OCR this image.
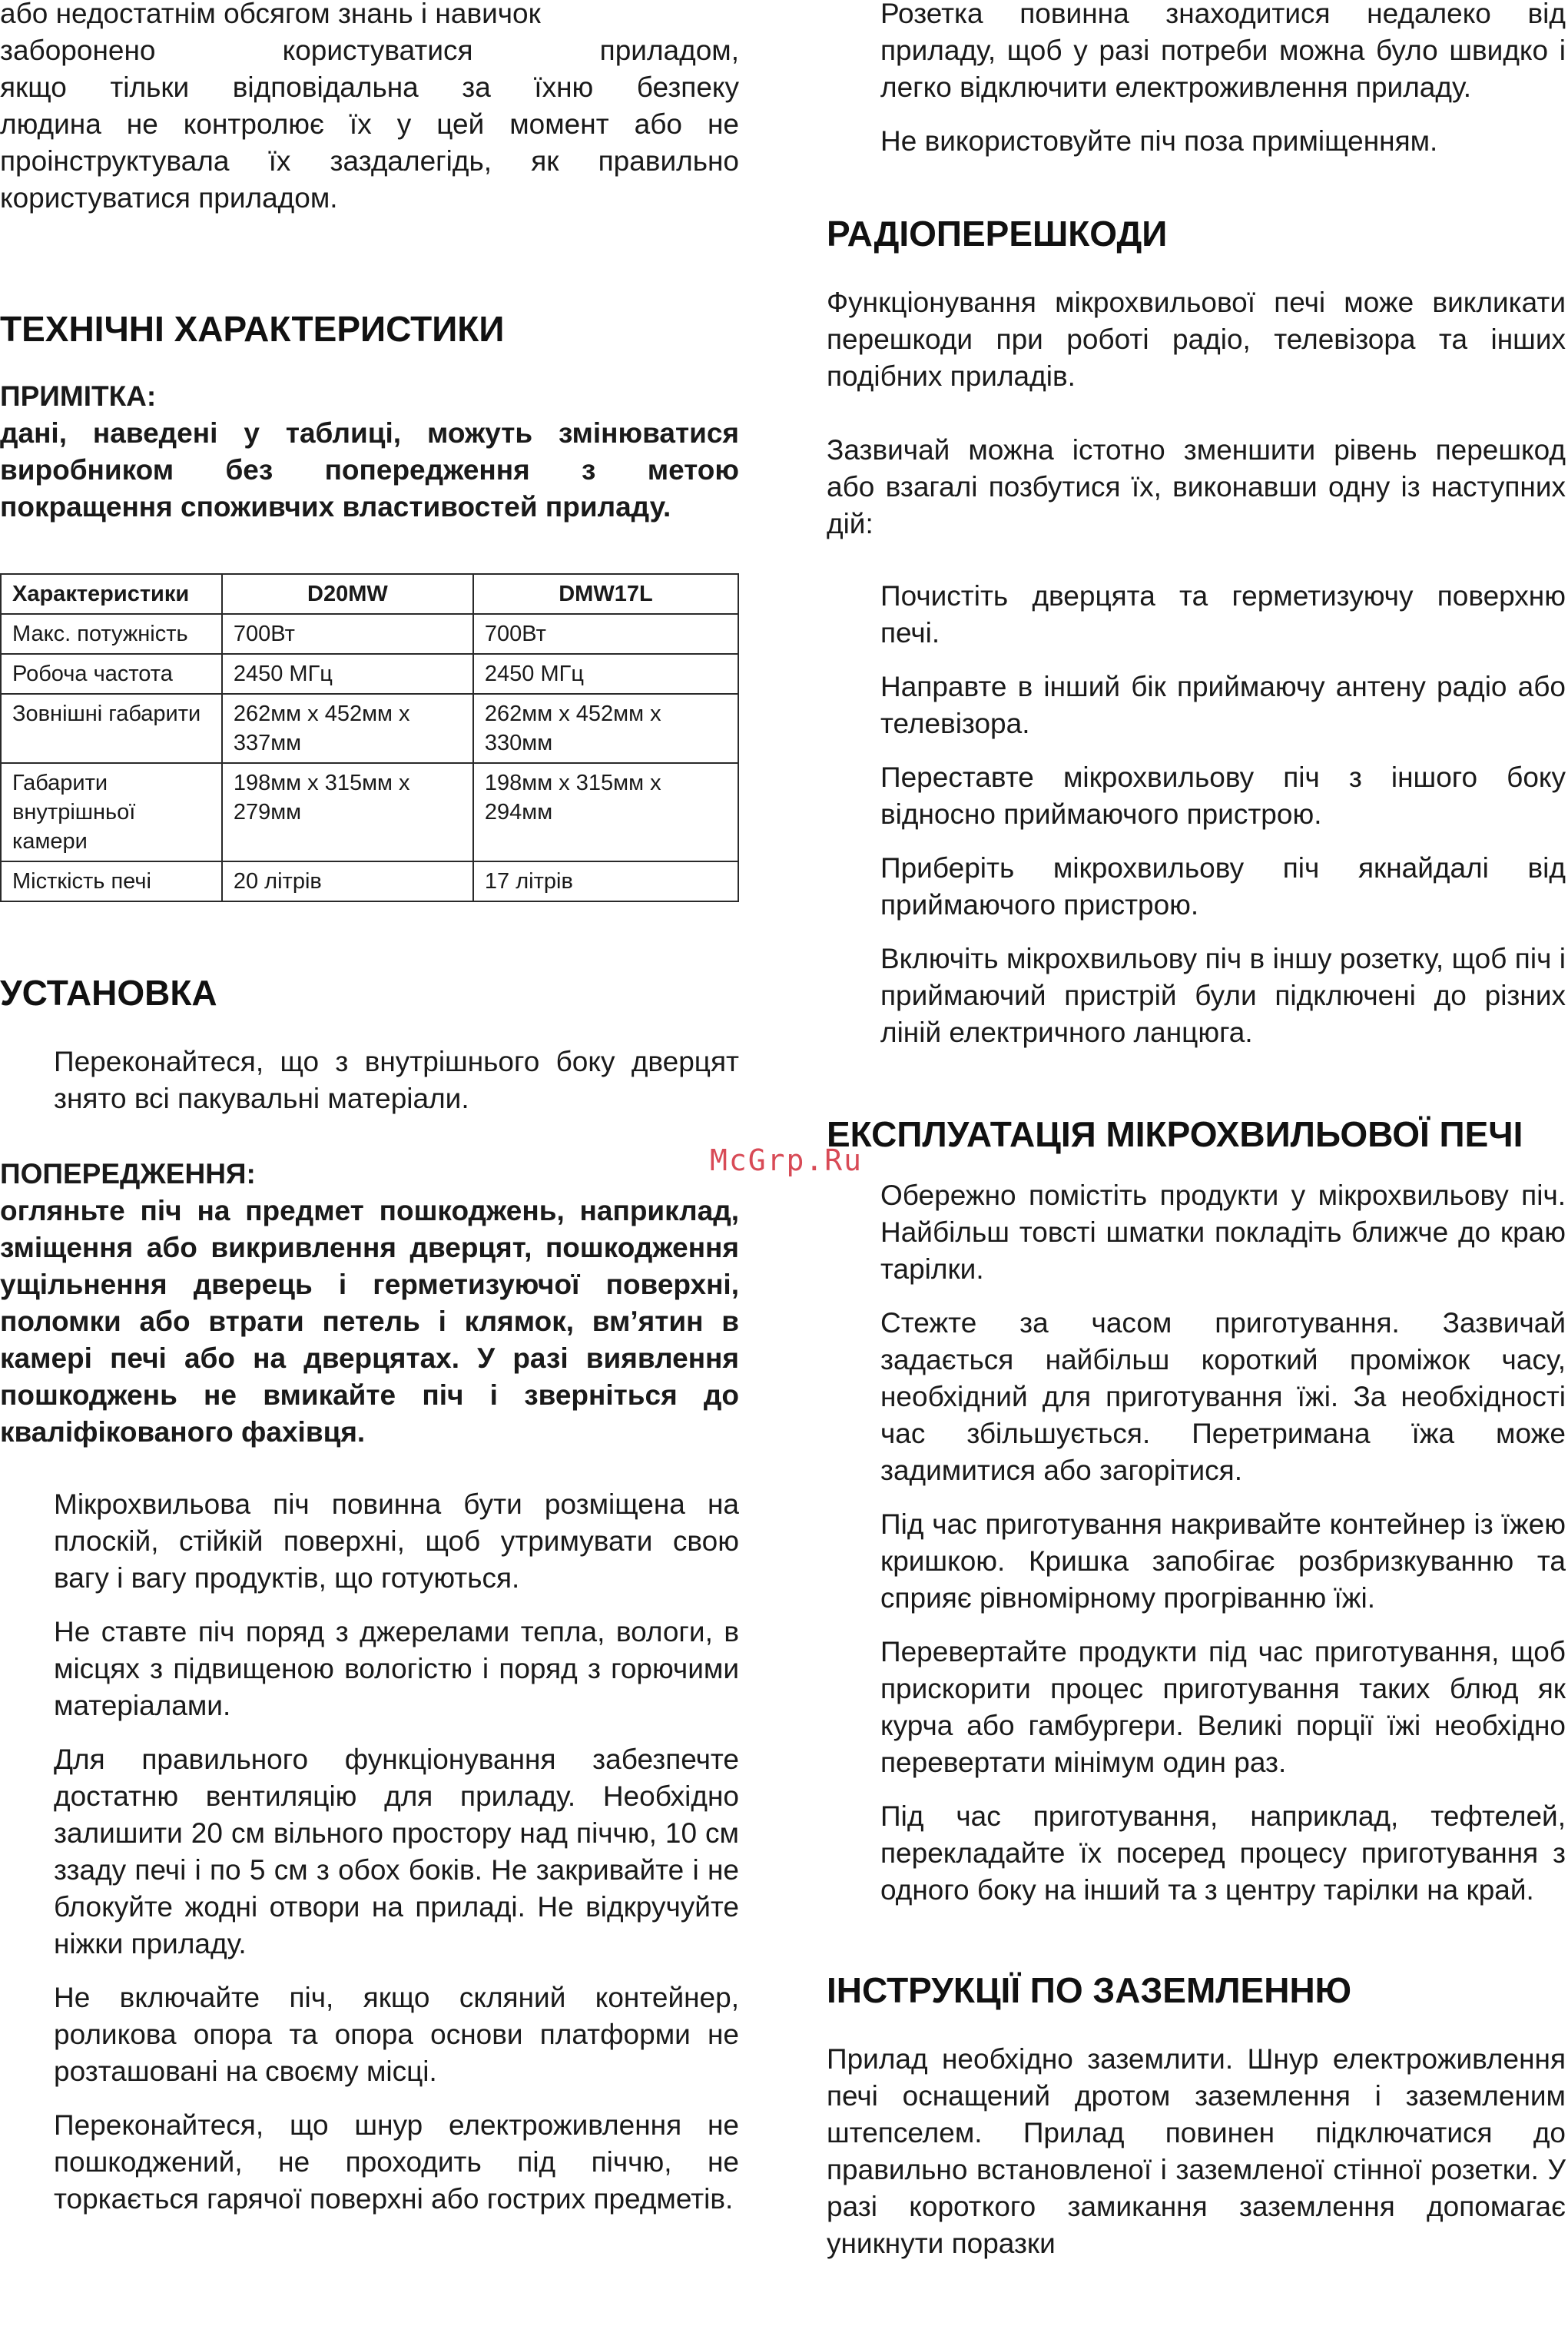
або недостатнім обсягом знань і навичок

заборонено користуватися приладом,

якщо тільки відповідальна за їхню безпеку

людина не контролює їх у цей момент або не

проінструктувала їх заздалегідь, як правильно

користуватися приладом.

ТЕХНІЧНІ ХАРАКТЕРИСТИКИ

ПРИМІТКА:

дані, наведені у таблиці, можуть змінюватися виробником без попередження з метою покращення споживчих властивостей приладу.

Характеристики	D20MW	DMW17L
Макс. потужність	700Вт	700Вт
Робоча частота	2450 МГц	2450 МГц
Зовнішні габарити	262мм х 452мм х 337мм	262мм х 452мм х 330мм
Габарити внутрішньої камери	198мм х 315мм х 279мм	198мм х 315мм х 294мм
Місткість печі	20 літрів	17 літрів
УСТАНОВКА

Переконайтеся, що з внутрішнього боку дверцят знято всі пакувальні матеріали.

ПОПЕРЕДЖЕННЯ:

огляньте піч на предмет пошкоджень, наприклад, зміщення або викривлення дверцят, пошкодження ущільнення дверець і герметизуючої поверхні, поломки або втрати петель і клямок, вм’ятин в камері печі або на дверцятах. У разі виявлення пошкоджень не вмикайте піч і зверніться до кваліфікованого фахівця.

Мікрохвильова піч повинна бути розміщена на плоскій, стійкій поверхні, щоб утримувати свою вагу і вагу продуктів, що готуються.

Не ставте піч поряд з джерелами тепла, вологи, в місцях з підвищеною вологістю і поряд з горючими матеріалами.

Для правильного функціонування забезпечте достатню вентиляцію для приладу. Необхідно залишити 20 см вільного простору над піччю, 10 см ззаду печі і по 5 см з обох боків. Не закривайте і не блокуйте жодні отвори на приладі. Не відкручуйте ніжки приладу.

Не включайте піч, якщо скляний контейнер, роликова опора та опора основи платформи не розташовані на своєму місці.

Переконайтеся, що шнур електроживлення не пошкоджений, не проходить під піччю, не торкається гарячої поверхні або гострих предметів.

Розетка повинна знаходитися недалеко від приладу, щоб у разі потреби можна було швидко і легко відключити електроживлення приладу.

Не використовуйте піч поза приміщенням.

РАДІОПЕРЕШКОДИ

Функціонування мікрохвильової печі може викликати перешкоди при роботі радіо, телевізора та інших подібних приладів.

Зазвичай можна істотно зменшити рівень перешкод або взагалі позбутися їх, виконавши одну із наступних дій:

Почистіть дверцята та герметизуючу поверхню печі.

Направте в інший бік приймаючу антену радіо або телевізора.

Переставте мікрохвильову піч з іншого боку відносно приймаючого пристрою.

Приберіть мікрохвильову піч якнайдалі від приймаючого пристрою.

Включіть мікрохвильову піч в іншу розетку, щоб піч і приймаючий пристрій були підключені до різних ліній електричного ланцюга.

ЕКСПЛУАТАЦІЯ МІКРОХВИЛЬОВОЇ ПЕЧІ

Обережно помістіть продукти у мікрохвильову піч. Найбільш товсті шматки покладіть ближче до краю тарілки.

Стежте за часом приготування. Зазвичай задається найбільш короткий проміжок часу, необхідний для приготування їжі. За необхідності час збільшується. Перетримана їжа може задимитися або загорітися.

Під час приготування накривайте контейнер із їжею кришкою. Кришка запобігає розбризкуванню та сприяє рівномірному прогріванню їжі.

Перевертайте продукти під час приготування, щоб прискорити процес приготування таких блюд як курча або гамбургери. Великі порції їжі необхідно перевертати мінімум один раз.

Під час приготування, наприклад, тефтелей, перекладайте їх посеред процесу приготування з одного боку на інший та з центру тарілки на край.

ІНСТРУКЦІЇ ПО ЗАЗЕМЛЕННЮ

Прилад необхідно заземлити. Шнур електроживлення печі оснащений дротом заземлення і заземленим штепселем. Прилад повинен підключатися до правильно встановленої і заземленої стінної розетки. У разі короткого замикання заземлення допомагає уникнути поразки

McGrp.Ru
